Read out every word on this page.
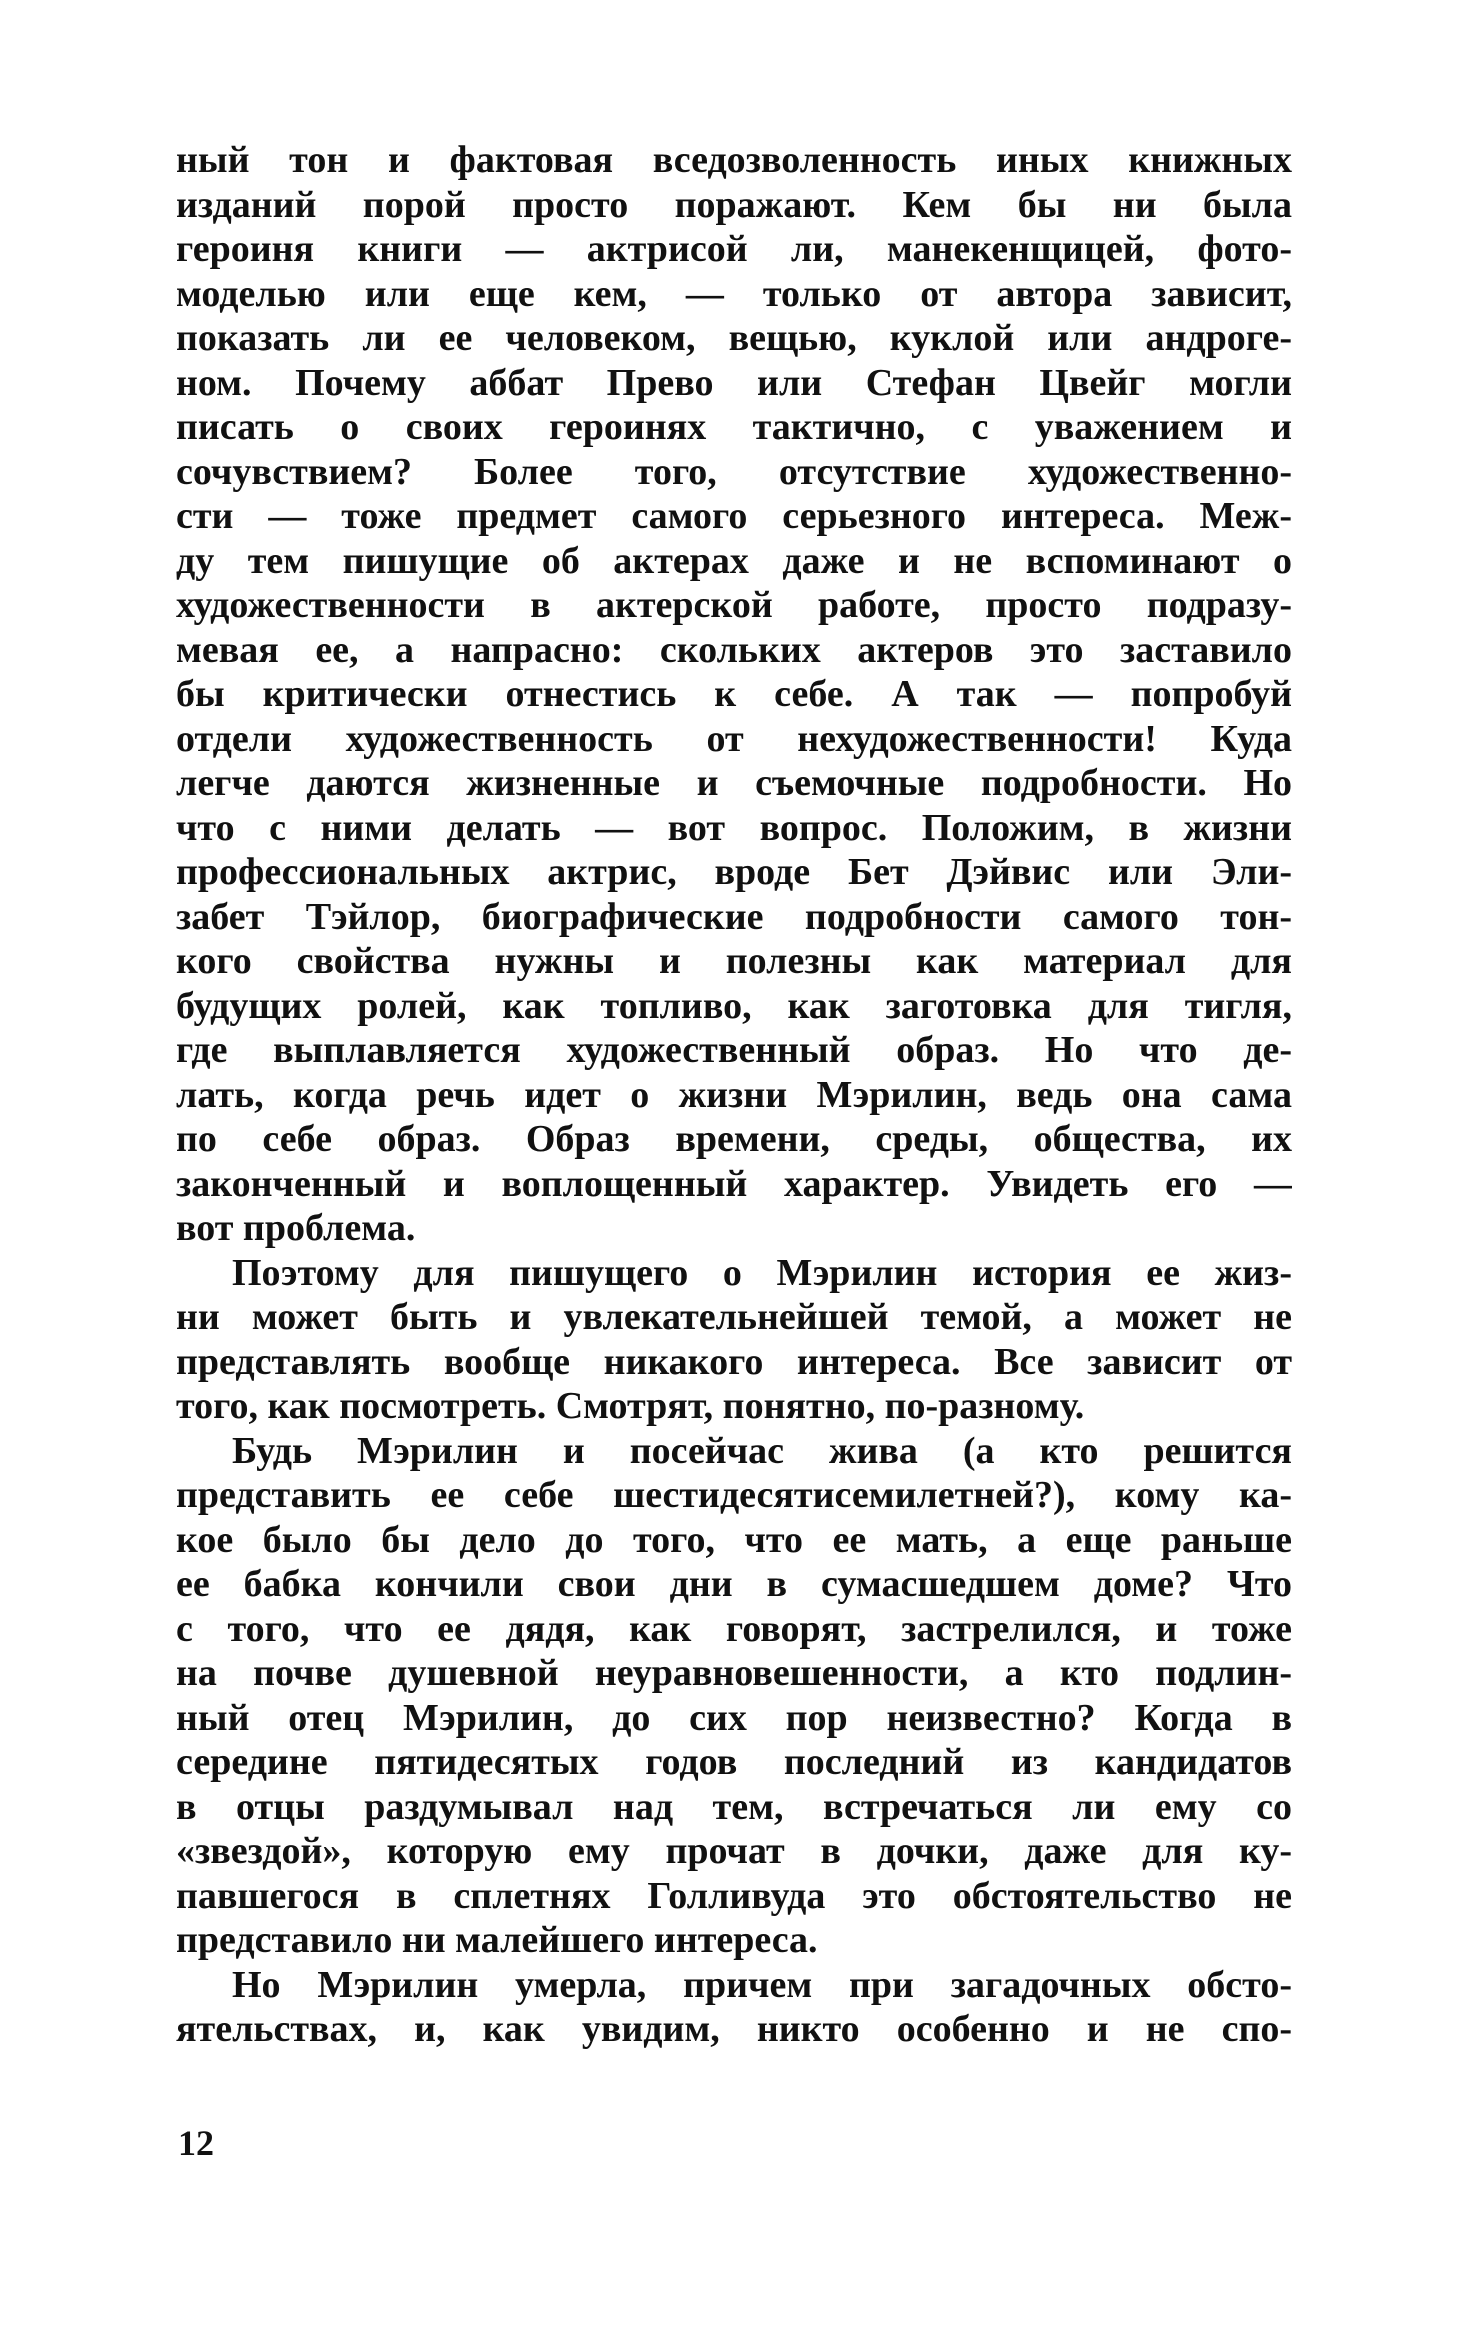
ный тон и фактовая вседозволенность иных книжных
изданий порой просто поражают. Кем бы ни была
героиня книги — актрисой ли, манекенщицей, фото-
моделью или еще кем, — только от автора зависит,
показать ли ее человеком, вещью, куклой или андроге-
ном. Почему аббат Прево или Стефан Цвейг могли
писать о своих героинях тактично, с уважением и
сочувствием? Более того, отсутствие художественно-
сти — тоже предмет самого серьезного интереса. Меж-
ду тем пишущие об актерах даже и не вспоминают о
художественности в актерской работе, просто подразу-
мевая ее, а напрасно: скольких актеров это заставило
бы критически отнестись к себе. А так — попробуй
отдели художественность от нехудожественности! Куда
легче даются жизненные и съемочные подробности. Но
что с ними делать — вот вопрос. Положим, в жизни
профессиональных актрис, вроде Бет Дэйвис или Эли-
забет Тэйлор, биографические подробности самого тон-
кого свойства нужны и полезны как материал для
будущих ролей, как топливо, как заготовка для тигля,
где выплавляется художественный образ. Но что де-
лать, когда речь идет о жизни Мэрилин, ведь она сама
по себе образ. Образ времени, среды, общества, их
законченный и воплощенный характер. Увидеть его —
вот проблема.
Поэтому для пишущего о Мэрилин история ее жиз-
ни может быть и увлекательнейшей темой, а может не
представлять вообще никакого интереса. Все зависит от
того, как посмотреть. Смотрят, понятно, по-разному.
Будь Мэрилин и посейчас жива (а кто решится
представить ее себе шестидесятисемилетней?), кому ка-
кое было бы дело до того, что ее мать, а еще раньше
ее бабка кончили свои дни в сумасшедшем доме? Что
с того, что ее дядя, как говорят, застрелился, и тоже
на почве душевной неуравновешенности, а кто подлин-
ный отец Мэрилин, до сих пор неизвестно? Когда в
середине пятидесятых годов последний из кандидатов
в отцы раздумывал над тем, встречаться ли ему со
«звездой», которую ему прочат в дочки, даже для ку-
павшегося в сплетнях Голливуда это обстоятельство не
представило ни малейшего интереса.
Но Мэрилин умерла, причем при загадочных обсто-
ятельствах, и, как увидим, никто особенно и не спо-
12
